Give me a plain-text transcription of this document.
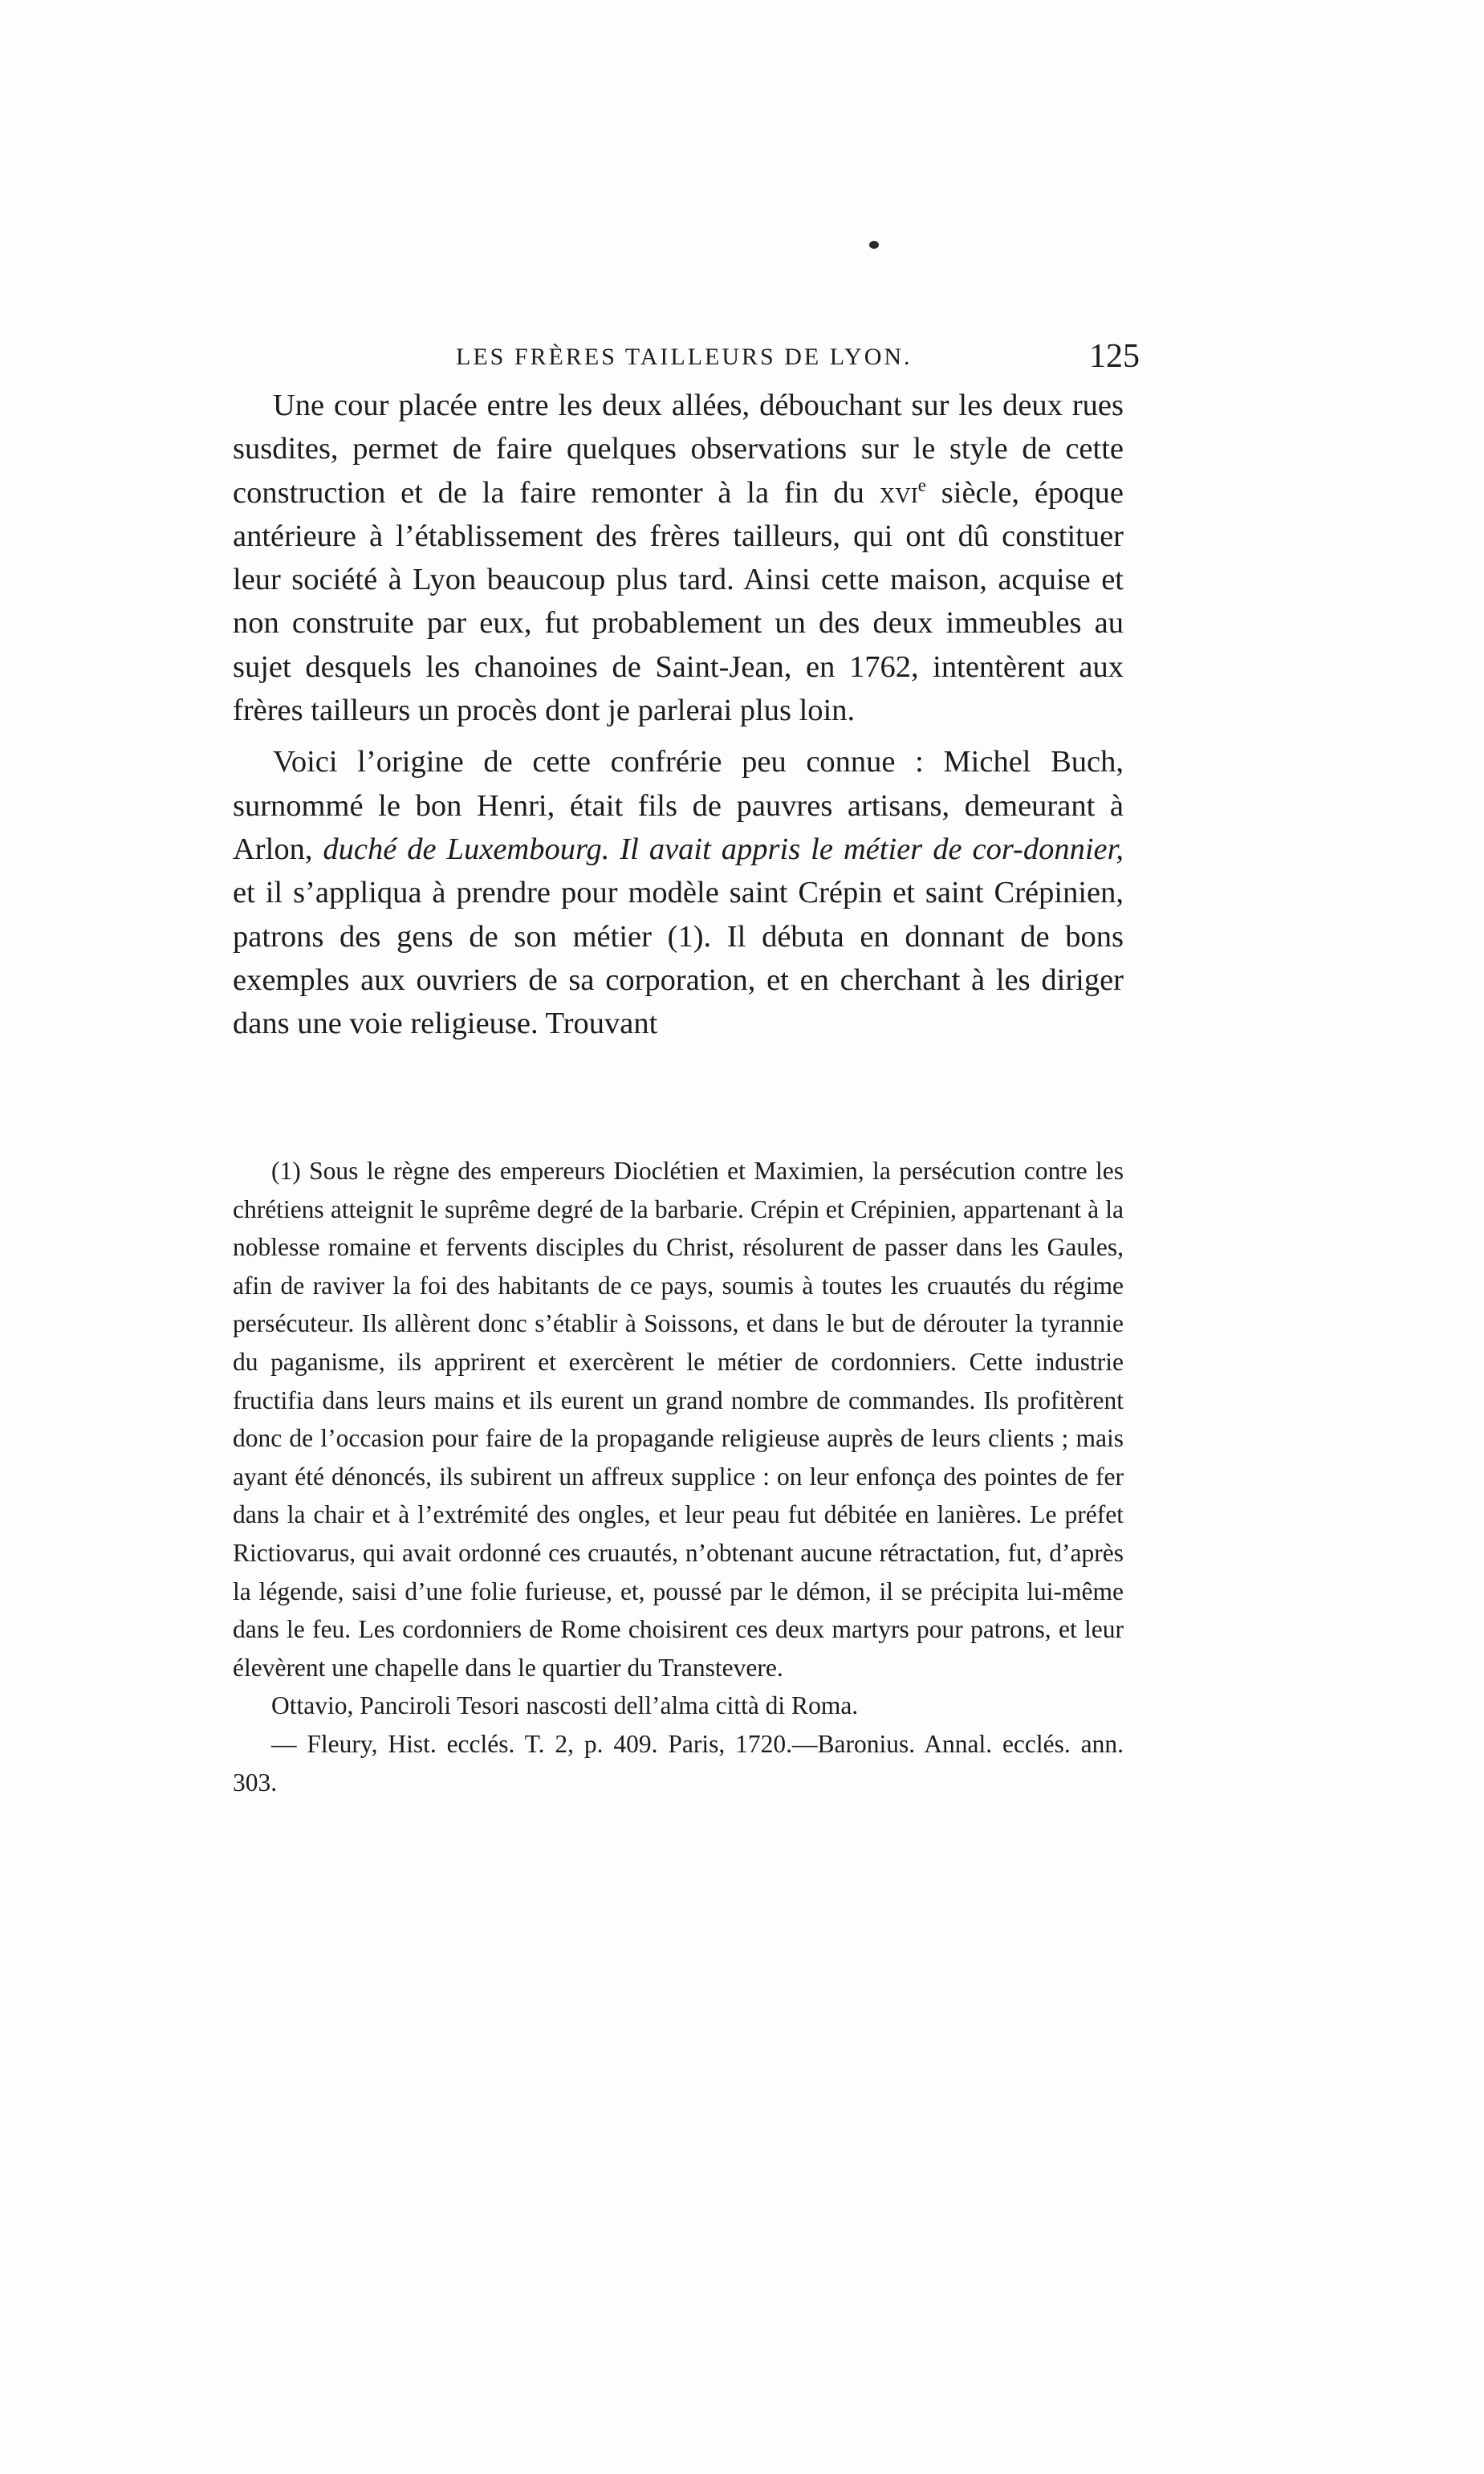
LES FRÈRES TAILLEURS DE LYON.	125

Une cour placée entre les deux allées, débouchant sur les deux rues susdites, permet de faire quelques observations sur le style de cette construction et de la faire remonter à la fin du xvi$^e$ siècle, époque antérieure à l’établissement des frères tailleurs, qui ont dû constituer leur société à Lyon beaucoup plus tard. Ainsi cette maison, acquise et non construite par eux, fut probablement un des deux immeubles au sujet desquels les chanoines de Saint-Jean, en 1762, intentèrent aux frères tailleurs un procès dont je parlerai plus loin.

Voici l’origine de cette confrérie peu connue : Michel Buch, surnommé le bon Henri, était fils de pauvres artisans, demeurant à Arlon, duché de Luxembourg. Il avait appris le métier de cor-donnier, et il s’appliqua à prendre pour modèle saint Crépin et saint Crépinien, patrons des gens de son métier (1). Il débuta en donnant de bons exemples aux ouvriers de sa corporation, et en cherchant à les diriger dans une voie religieuse. Trouvant

(1) Sous le règne des empereurs Dioclétien et Maximien, la persécution contre les chrétiens atteignit le suprême degré de la barbarie. Crépin et Crépinien, appartenant à la noblesse romaine et fervents disciples du Christ, résolurent de passer dans les Gaules, afin de raviver la foi des habitants de ce pays, soumis à toutes les cruautés du régime persécuteur. Ils allèrent donc s’établir à Soissons, et dans le but de dérouter la tyrannie du paganisme, ils apprirent et exercèrent le métier de cordonniers. Cette industrie fructifia dans leurs mains et ils eurent un grand nombre de commandes. Ils profitèrent donc de l’occasion pour faire de la propagande religieuse auprès de leurs clients ; mais ayant été dénoncés, ils subirent un affreux supplice : on leur enfonça des pointes de fer dans la chair et à l’extrémité des ongles, et leur peau fut débitée en lanières. Le préfet Rictiovarus, qui avait ordonné ces cruautés, n’obtenant aucune rétractation, fut, d’après la légende, saisi d’une folie furieuse, et, poussé par le démon, il se précipita lui-même dans le feu. Les cordonniers de Rome choisirent ces deux martyrs pour patrons, et leur élevèrent une chapelle dans le quartier du Transtevere.

Ottavio, Panciroli Tesori nascosti dell’alma città di Roma.

— Fleury, Hist. ecclés. T. 2, p. 409. Paris, 1720.—Baronius. Annal. ecclés. ann. 303.
